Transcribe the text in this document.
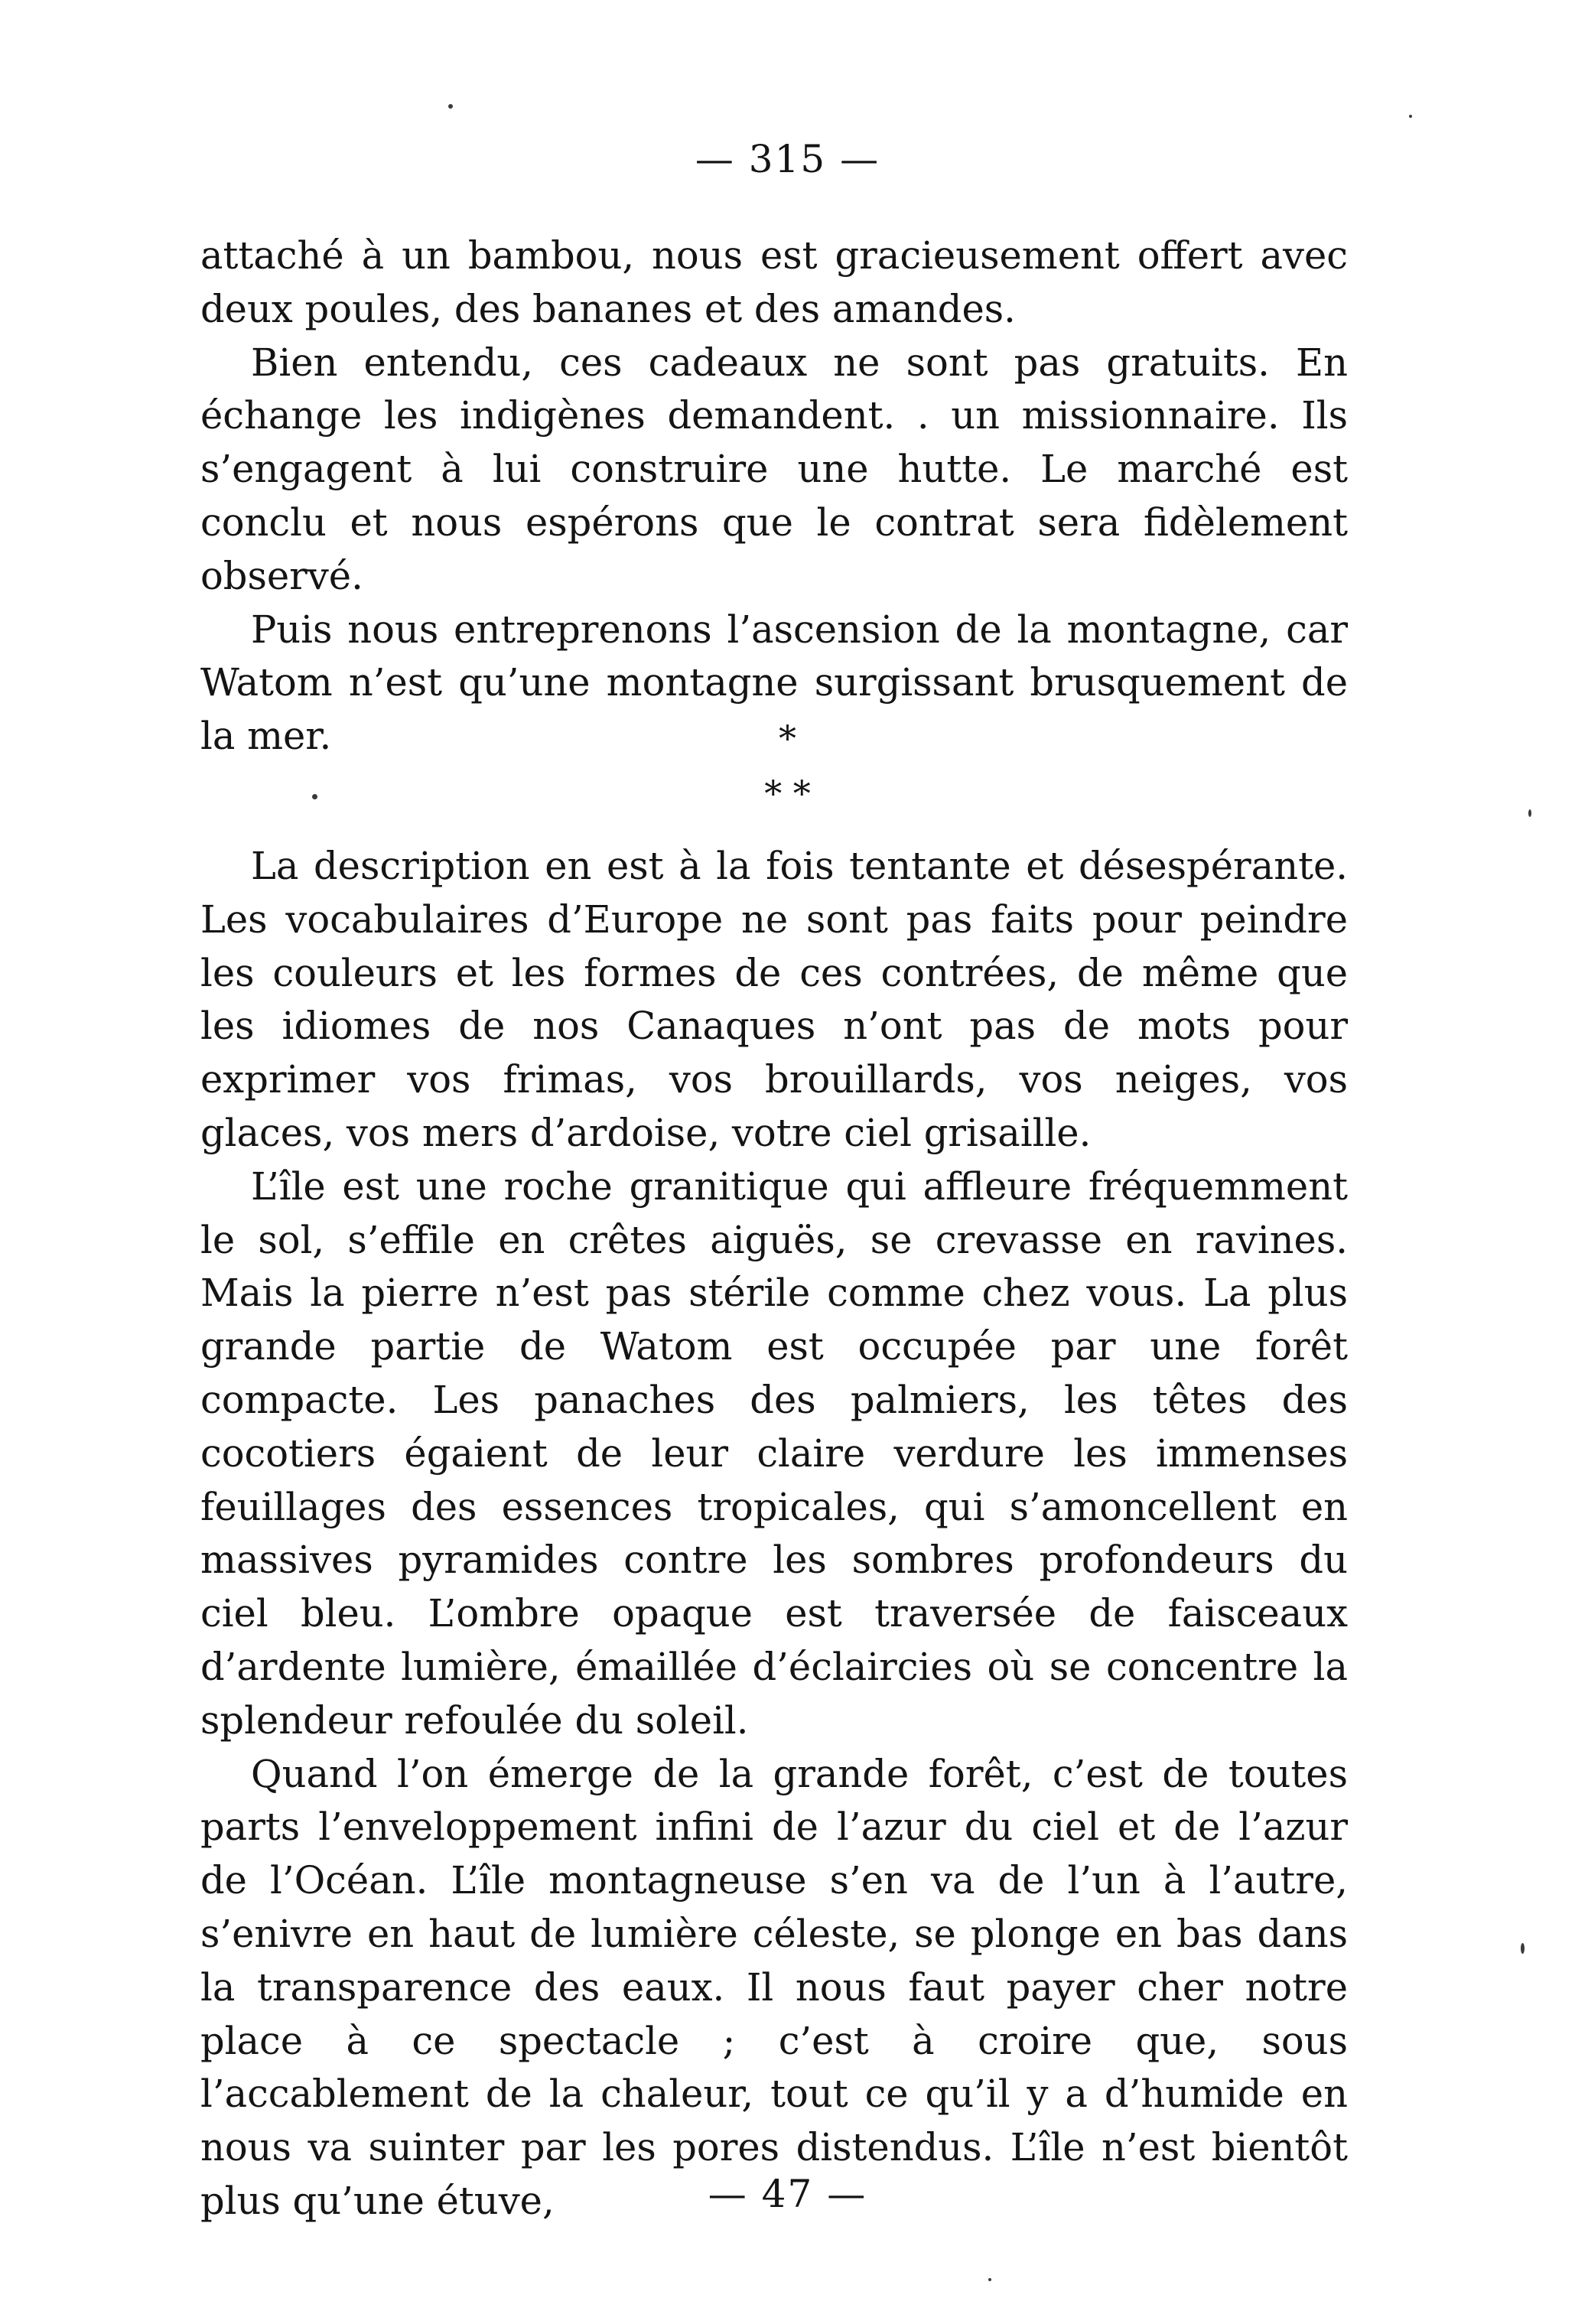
— 315 —

attaché à un bambou, nous est gracieusement offert avec deux poules, des bananes et des amandes.

Bien entendu, ces cadeaux ne sont pas gratuits. En échange les indigènes demandent. . un missionnaire. Ils s’engagent à lui construire une hutte. Le marché est conclu et nous espérons que le contrat sera fidèlement observé.

Puis nous entreprenons l’ascension de la montagne, car Watom n’est qu’une montagne surgissant brusquement de la mer.	*
* *

La description en est à la fois tentante et désespérante. Les vocabulaires d’Europe ne sont pas faits pour peindre les couleurs et les formes de ces contrées, de même que les idiomes de nos Canaques n’ont pas de mots pour exprimer vos frimas, vos brouillards, vos neiges, vos glaces, vos mers d’ardoise, votre ciel grisaille.

L’île est une roche granitique qui affleure fréquemment le sol, s’effile en crêtes aiguës, se crevasse en ravines. Mais la pierre n’est pas stérile comme chez vous. La plus grande partie de Watom est occupée par une forêt compacte. Les panaches des palmiers, les têtes des cocotiers égaient de leur claire verdure les immenses feuillages des essences tropicales, qui s’amoncellent en massives pyramides contre les sombres profondeurs du ciel bleu. L’ombre opaque est traversée de faisceaux d’ardente lumière, émaillée d’éclaircies où se concentre la splendeur refoulée du soleil.

Quand l’on émerge de la grande forêt, c’est de toutes parts l’enveloppement infini de l’azur du ciel et de l’azur de l’Océan. L’île montagneuse s’en va de l’un à l’autre, s’enivre en haut de lumière céleste, se plonge en bas dans la transparence des eaux. Il nous faut payer cher notre place à ce spectacle ; c’est à croire que, sous l’accablement de la chaleur, tout ce qu’il y a d’humide en nous va suinter par les pores distendus. L’île n’est bientôt plus qu’une étuve,	— 47 —
